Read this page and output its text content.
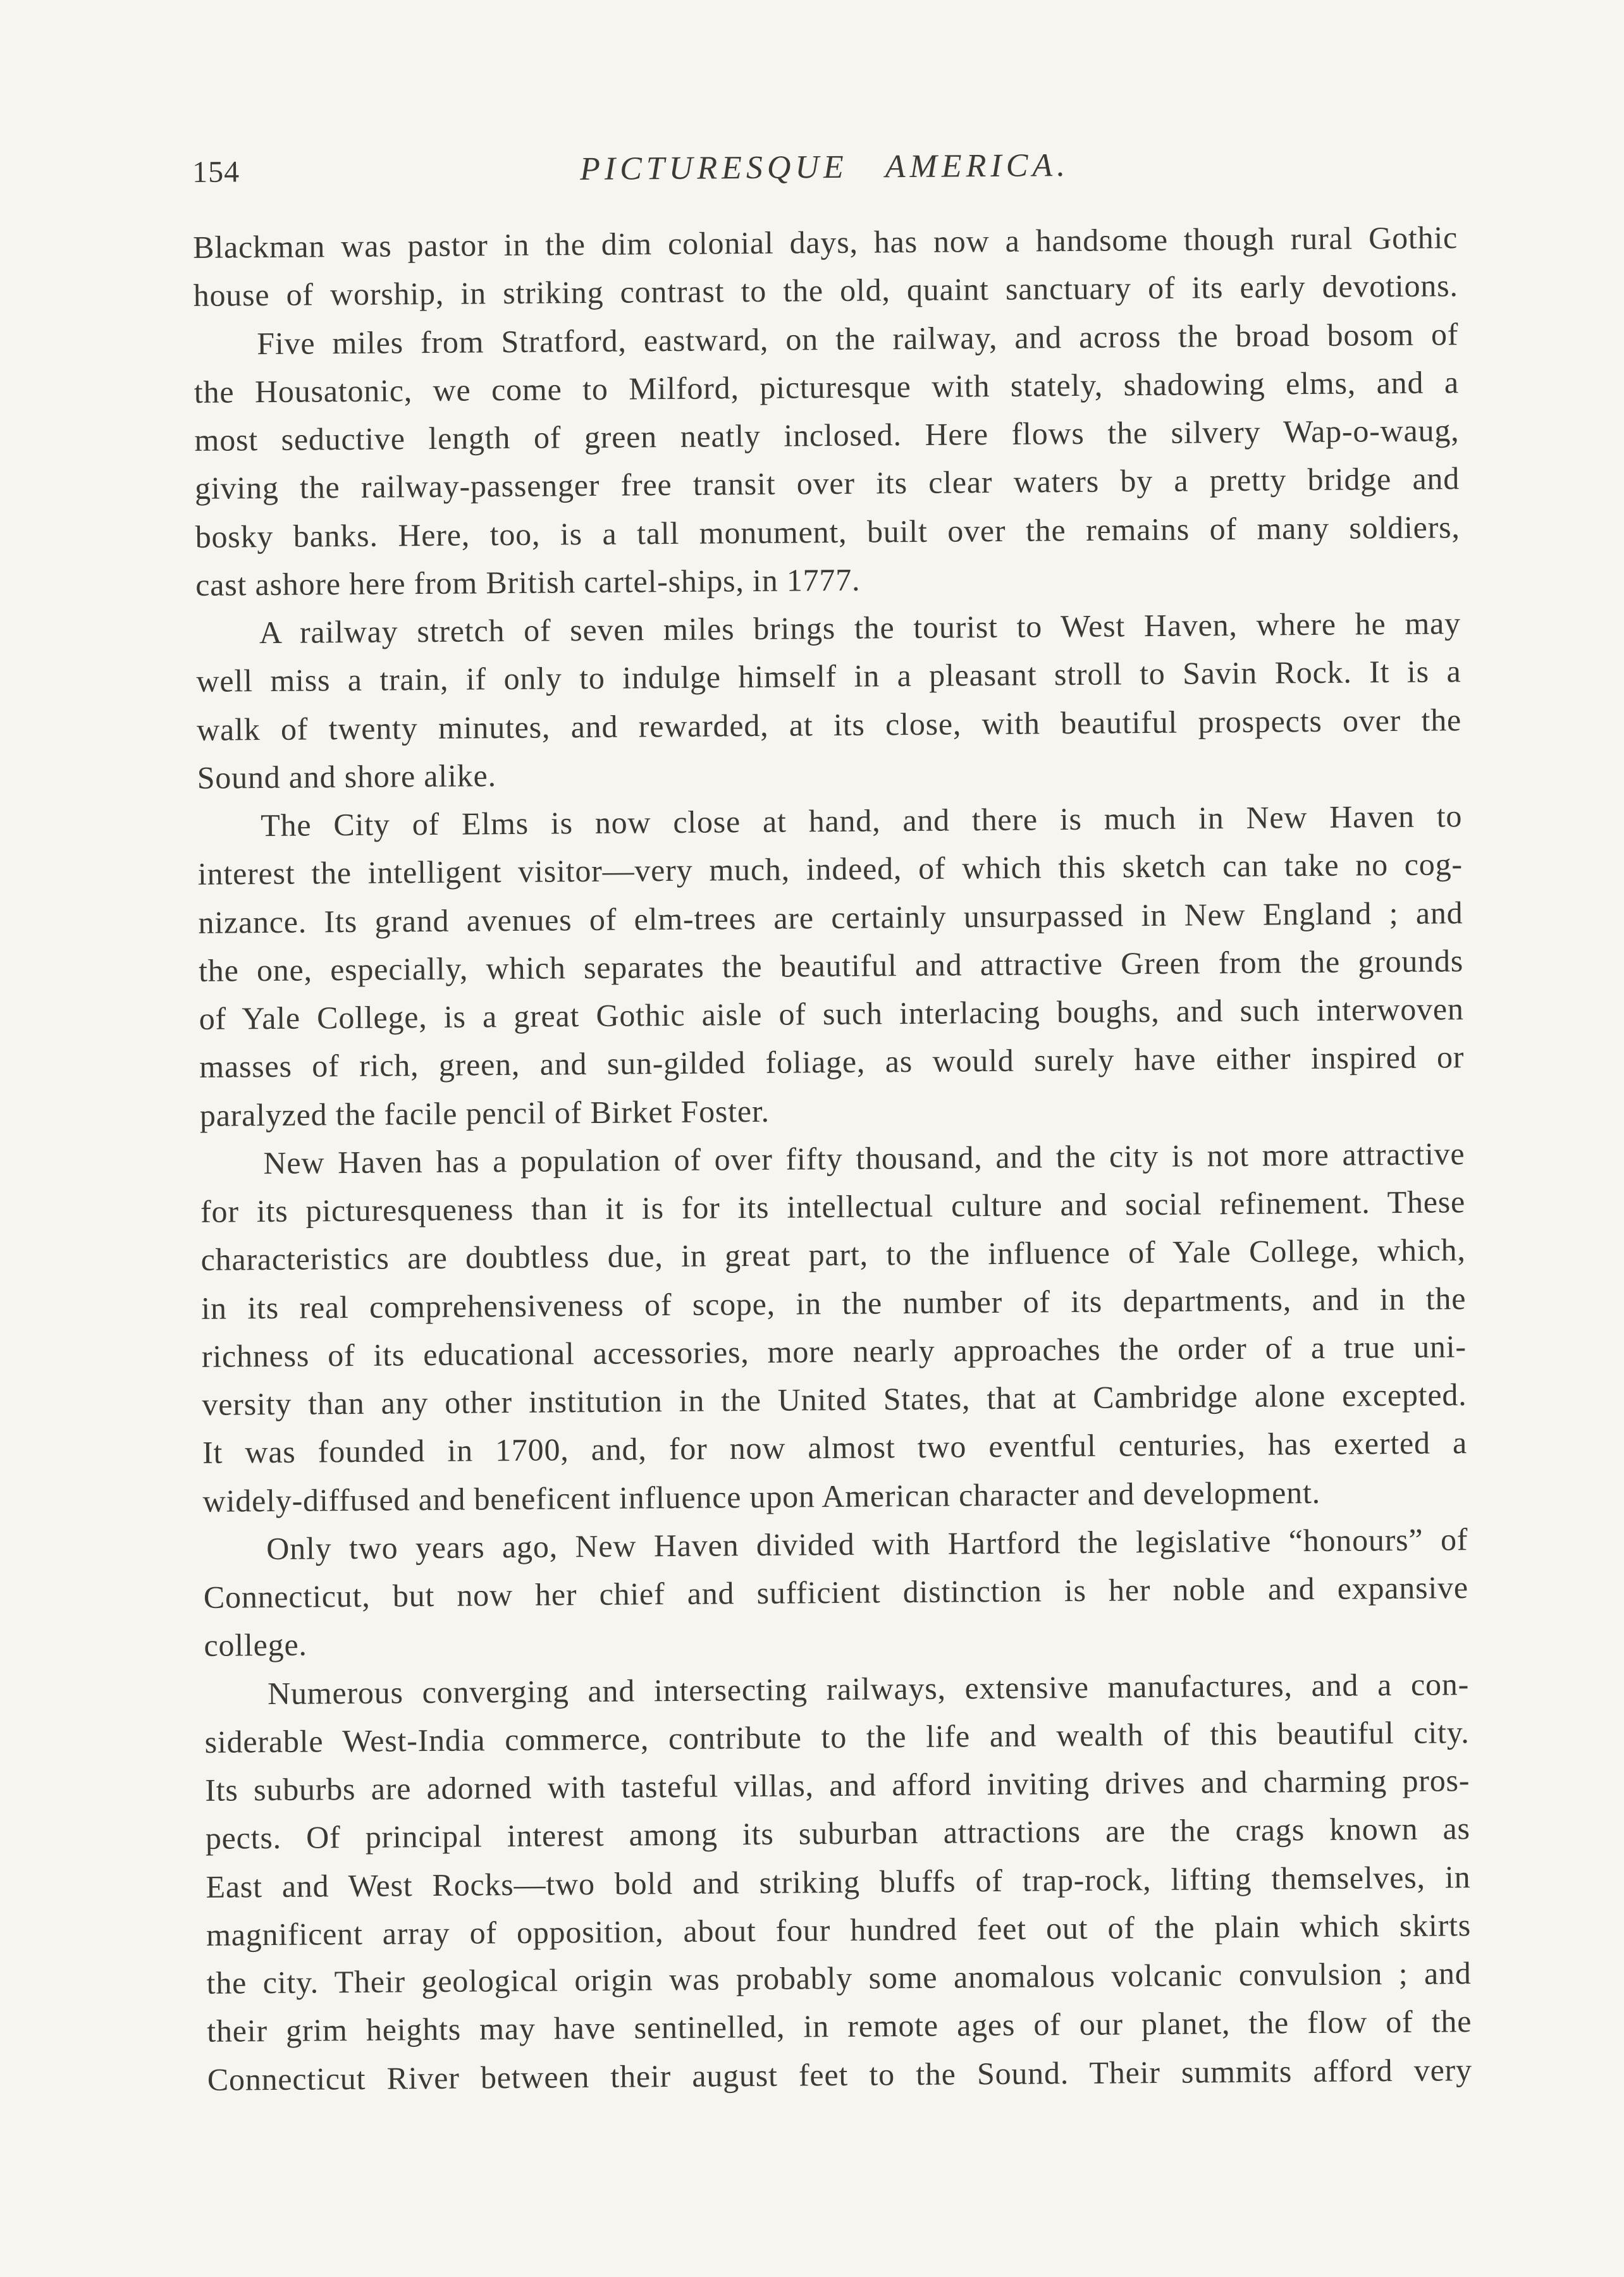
154	PICTURESQUE AMERICA.
Blackman was pastor in the dim colonial days, has now a handsome though rural Gothic
house of worship, in striking contrast to the old, quaint sanctuary of its early devotions.
Five miles from Stratford, eastward, on the railway, and across the broad bosom of
the Housatonic, we come to Milford, picturesque with stately, shadowing elms, and a
most seductive length of green neatly inclosed. Here flows the silvery Wap-o-waug,
giving the railway-passenger free transit over its clear waters by a pretty bridge and
bosky banks. Here, too, is a tall monument, built over the remains of many soldiers,
cast ashore here from British cartel-ships, in 1777.
A railway stretch of seven miles brings the tourist to West Haven, where he may
well miss a train, if only to indulge himself in a pleasant stroll to Savin Rock. It is a
walk of twenty minutes, and rewarded, at its close, with beautiful prospects over the
Sound and shore alike.
The City of Elms is now close at hand, and there is much in New Haven to
interest the intelligent visitor—very much, indeed, of which this sketch can take no cog-
nizance. Its grand avenues of elm-trees are certainly unsurpassed in New England ; and
the one, especially, which separates the beautiful and attractive Green from the grounds
of Yale College, is a great Gothic aisle of such interlacing boughs, and such interwoven
masses of rich, green, and sun-gilded foliage, as would surely have either inspired or
paralyzed the facile pencil of Birket Foster.
New Haven has a population of over fifty thousand, and the city is not more attractive
for its picturesqueness than it is for its intellectual culture and social refinement. These
characteristics are doubtless due, in great part, to the influence of Yale College, which,
in its real comprehensiveness of scope, in the number of its departments, and in the
richness of its educational accessories, more nearly approaches the order of a true uni-
versity than any other institution in the United States, that at Cambridge alone excepted.
It was founded in 1700, and, for now almost two eventful centuries, has exerted a
widely-diffused and beneficent influence upon American character and development.
Only two years ago, New Haven divided with Hartford the legislative “honours” of
Connecticut, but now her chief and sufficient distinction is her noble and expansive
college.
Numerous converging and intersecting railways, extensive manufactures, and a con-
siderable West-India commerce, contribute to the life and wealth of this beautiful city.
Its suburbs are adorned with tasteful villas, and afford inviting drives and charming pros-
pects. Of principal interest among its suburban attractions are the crags known as
East and West Rocks—two bold and striking bluffs of trap-rock, lifting themselves, in
magnificent array of opposition, about four hundred feet out of the plain which skirts
the city. Their geological origin was probably some anomalous volcanic convulsion ; and
their grim heights may have sentinelled, in remote ages of our planet, the flow of the
Connecticut River between their august feet to the Sound. Their summits afford very
